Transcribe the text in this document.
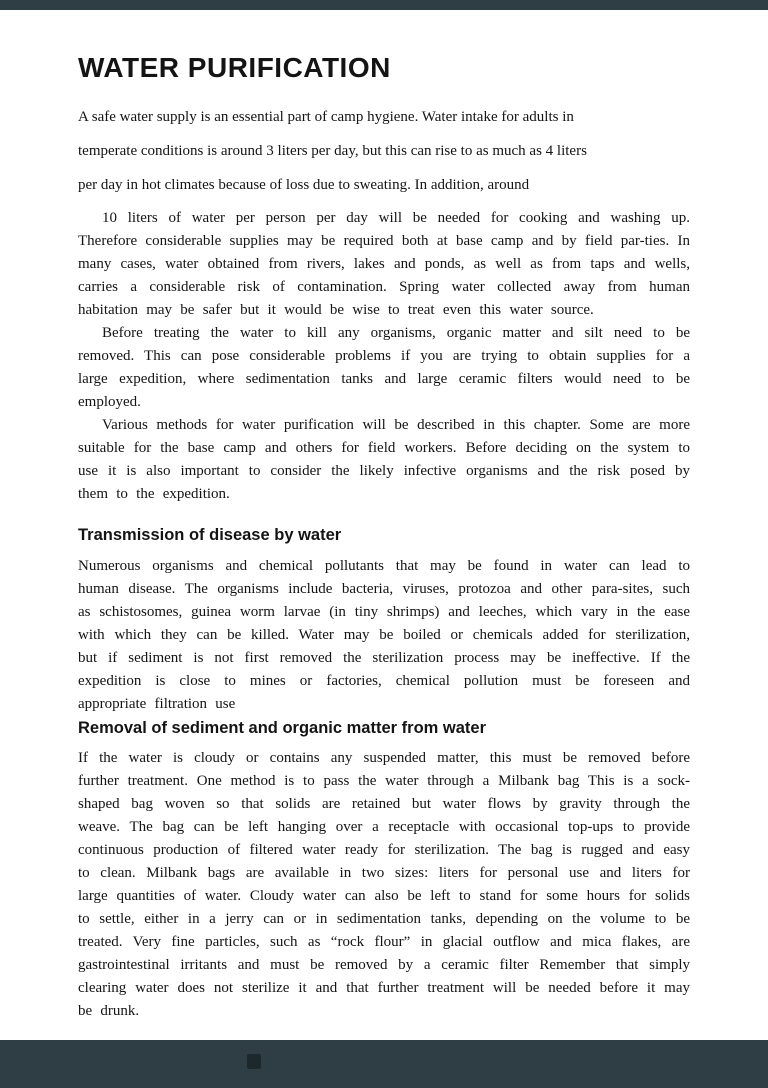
WATER PURIFICATION

A safe water supply is an essential part of camp hygiene. Water intake for adults in

temperate conditions is around 3 liters per day, but this can rise to as much as 4 liters

per day in hot climates because of loss due to sweating. In addition, around

10 liters of water per person per day will be needed for cooking and washing up. Therefore considerable supplies may be required both at base camp and by field par-ties. In many cases, water obtained from rivers, lakes and ponds, as well as from taps and wells, carries a considerable risk of contamination. Spring water collected away from human habitation may be safer but it would be wise to treat even this water source.

Before treating the water to kill any organisms, organic matter and silt need to be removed. This can pose considerable problems if you are trying to obtain supplies for a large expedition, where sedimentation tanks and large ceramic filters would need to be employed.

Various methods for water purification will be described in this chapter. Some are more suitable for the base camp and others for field workers. Before deciding on the system to use it is also important to consider the likely infective organisms and the risk posed by them to the expedition.

Transmission of disease by water

Numerous organisms and chemical pollutants that may be found in water can lead to human disease. The organisms include bacteria, viruses, protozoa and other para-sites, such as schistosomes, guinea worm larvae (in tiny shrimps) and leeches, which vary in the ease with which they can be killed. Water may be boiled or chemicals added for sterilization, but if sediment is not first removed the sterilization process may be ineffective. If the expedition is close to mines or factories, chemical pollution must be foreseen and appropriate filtration use

Removal of sediment and organic matter from water

If the water is cloudy or contains any suspended matter, this must be removed before further treatment. One method is to pass the water through a Milbank bag This is a sock-shaped bag woven so that solids are retained but water flows by gravity through the weave. The bag can be left hanging over a receptacle with occasional top-ups to provide continuous production of filtered water ready for sterilization. The bag is rugged and easy to clean. Milbank bags are available in two sizes: liters for personal use and liters for large quantities of water. Cloudy water can also be left to stand for some hours for solids to settle, either in a jerry can or in sedimentation tanks, depending on the volume to be treated. Very fine particles, such as “rock flour” in glacial outflow and mica flakes, are gastrointestinal irritants and must be removed by a ceramic filter Remember that simply clearing water does not sterilize it and that further treatment will be needed before it may be drunk.
